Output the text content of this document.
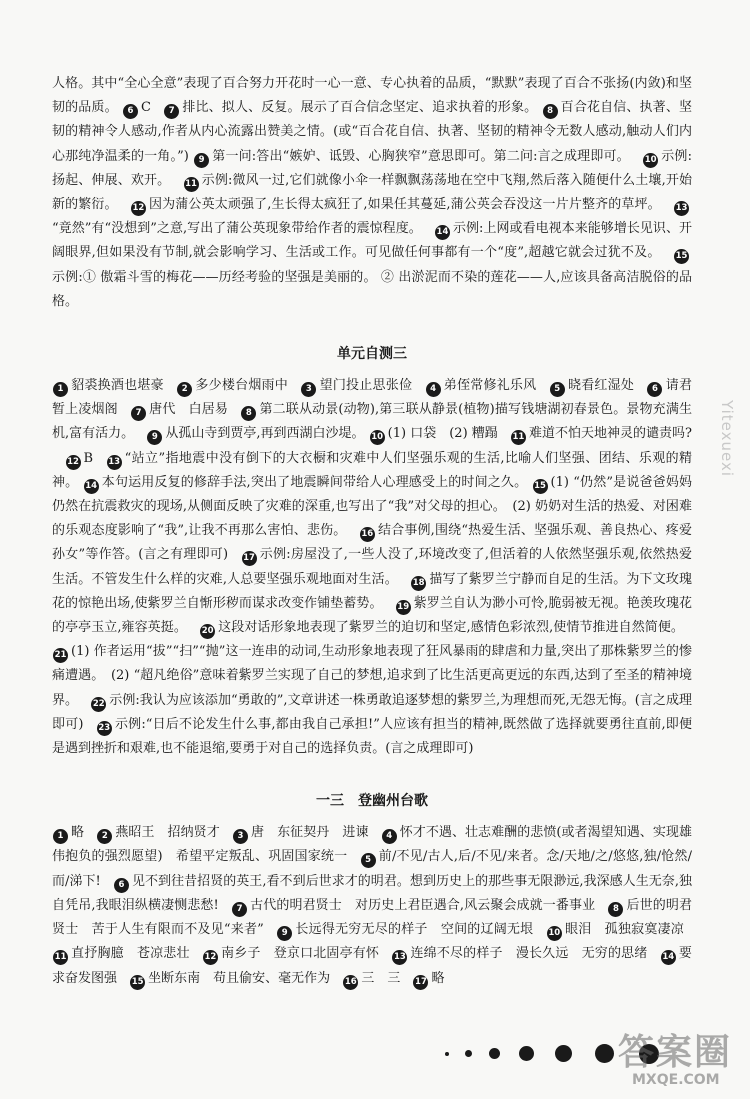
人格。其中“全心全意”表现了百合努力开花时一心一意、专心执着的品质，“默默”表现了百合不张扬(内敛)和坚韧的品质。 6 C 7 排比、拟人、反复。展示了百合信念坚定、追求执着的形象。 8 百合花自信、执著、坚韧的精神令人感动,作者从内心流露出赞美之情。(或“百合花自信、执著、坚韧的精神令无数人感动,触动人们内心那纯净温柔的一角。”) 9 第一问:答出“嫉妒、诋毁、心胸狭窄”意思即可。第二问:言之成理即可。 10 示例:扬起、伸展、欢开。 11 示例:微风一过,它们就像小伞一样飘飘荡荡地在空中飞翔,然后落入随便什么土壤,开始新的繁衍。 12 因为蒲公英太顽强了,生长得太疯狂了,如果任其蔓延,蒲公英会吞没这一片片整齐的草坪。 13“竟然”有“没想到”之意,写出了蒲公英现象带给作者的震惊程度。 14 示例:上网或看电视本来能够增长见识、开阔眼界,但如果没有节制,就会影响学习、生活或工作。可见做任何事都有一个“度”,超越它就会过犹不及。 15示例:① 傲霜斗雪的梅花——历经考验的坚强是美丽的。 ② 出淤泥而不染的莲花——人,应该具备高洁脱俗的品格。

单元自测三

1 貂裘换酒也堪豪 2 多少楼台烟雨中 3 望门投止思张俭 4 弟侄常修礼乐风 5 晓看红湿处 6 请君暂上凌烟阁 7 唐代　白居易 8 第二联从动景(动物),第三联从静景(植物)描写钱塘湖初春景色。景物充满生机,富有活力。 9 从孤山寺到贾亭,再到西湖白沙堤。 10 (1) 口袋　(2) 糟蹋 11 难道不怕天地神灵的谴责吗? 12 B 13 “站立”指地震中没有倒下的大衣橱和灾难中人们坚强乐观的生活,比喻人们坚强、团结、乐观的精神。 14 本句运用反复的修辞手法,突出了地震瞬间带给人心理感受上的时间之久。 15 (1) “仍然”是说爸爸妈妈仍然在抗震救灾的现场,从侧面反映了灾难的深重,也写出了“我”对父母的担心。　(2) 奶奶对生活的热爱、对困难的乐观态度影响了“我”,让我不再那么害怕、悲伤。 16 结合事例,围绕“热爱生活、坚强乐观、善良热心、疼爱孙女”等作答。(言之有理即可) 17 示例:房屋没了,一些人没了,环境改变了,但活着的人依然坚强乐观,依然热爱生活。不管发生什么样的灾难,人总要坚强乐观地面对生活。 18 描写了紫罗兰宁静而自足的生活。为下文玫瑰花的惊艳出场,使紫罗兰自惭形秽而谋求改变作铺垫蓄势。 19 紫罗兰自认为渺小可怜,脆弱被无视。艳羡玫瑰花的亭亭玉立,雍容英挺。 20 这段对话形象地表现了紫罗兰的迫切和坚定,感情色彩浓烈,使情节推进自然简便。 21 (1) 作者运用“拔”“扫”“抛”这一连串的动词,生动形象地表现了狂风暴雨的肆虐和力量,突出了那株紫罗兰的惨痛遭遇。　(2) “超凡绝俗”意味着紫罗兰实现了自己的梦想,追求到了比生活更高更远的东西,达到了至圣的精神境界。 22 示例:我认为应该添加“勇敢的”,文章讲述一株勇敢追逐梦想的紫罗兰,为理想而死,无怨无悔。(言之成理即可) 23 示例:“日后不论发生什么事,都由我自己承担!”人应该有担当的精神,既然做了选择就要勇往直前,即便是遇到挫折和艰难,也不能退缩,要勇于对自己的选择负责。(言之成理即可)

一三　登幽州台歌

1 略 2 燕昭王　招纳贤才 3 唐　东征契丹　进谏 4 怀才不遇、壮志难酬的悲愤(或者渴望知遇、实现雄伟抱负的强烈愿望)　希望平定叛乱、巩固国家统一 5 前/不见/古人,后/不见/来者。念/天地/之/悠悠,独/怆然/而/涕下! 6 见不到往昔招贤的英王,看不到后世求才的明君。想到历史上的那些事无限渺远,我深感人生无奈,独自凭吊,我眼泪纵横凄恻悲愁! 7 古代的明君贤士　对历史上君臣遇合,风云聚会成就一番事业 8 后世的明君贤士　苦于人生有限而不及见“来者” 9 长远得无穷无尽的样子　空间的辽阔无垠 10 眼泪　孤独寂寞凄凉 11 直抒胸臆　苍凉悲壮 12 南乡子　登京口北固亭有怀 13 连绵不尽的样子　漫长久远　无穷的思绪 14 要求奋发图强 15 坐断东南　苟且偷安、毫无作为 16 三　三 17 略

Yitexuexi
答案圈
MXQE.COM
